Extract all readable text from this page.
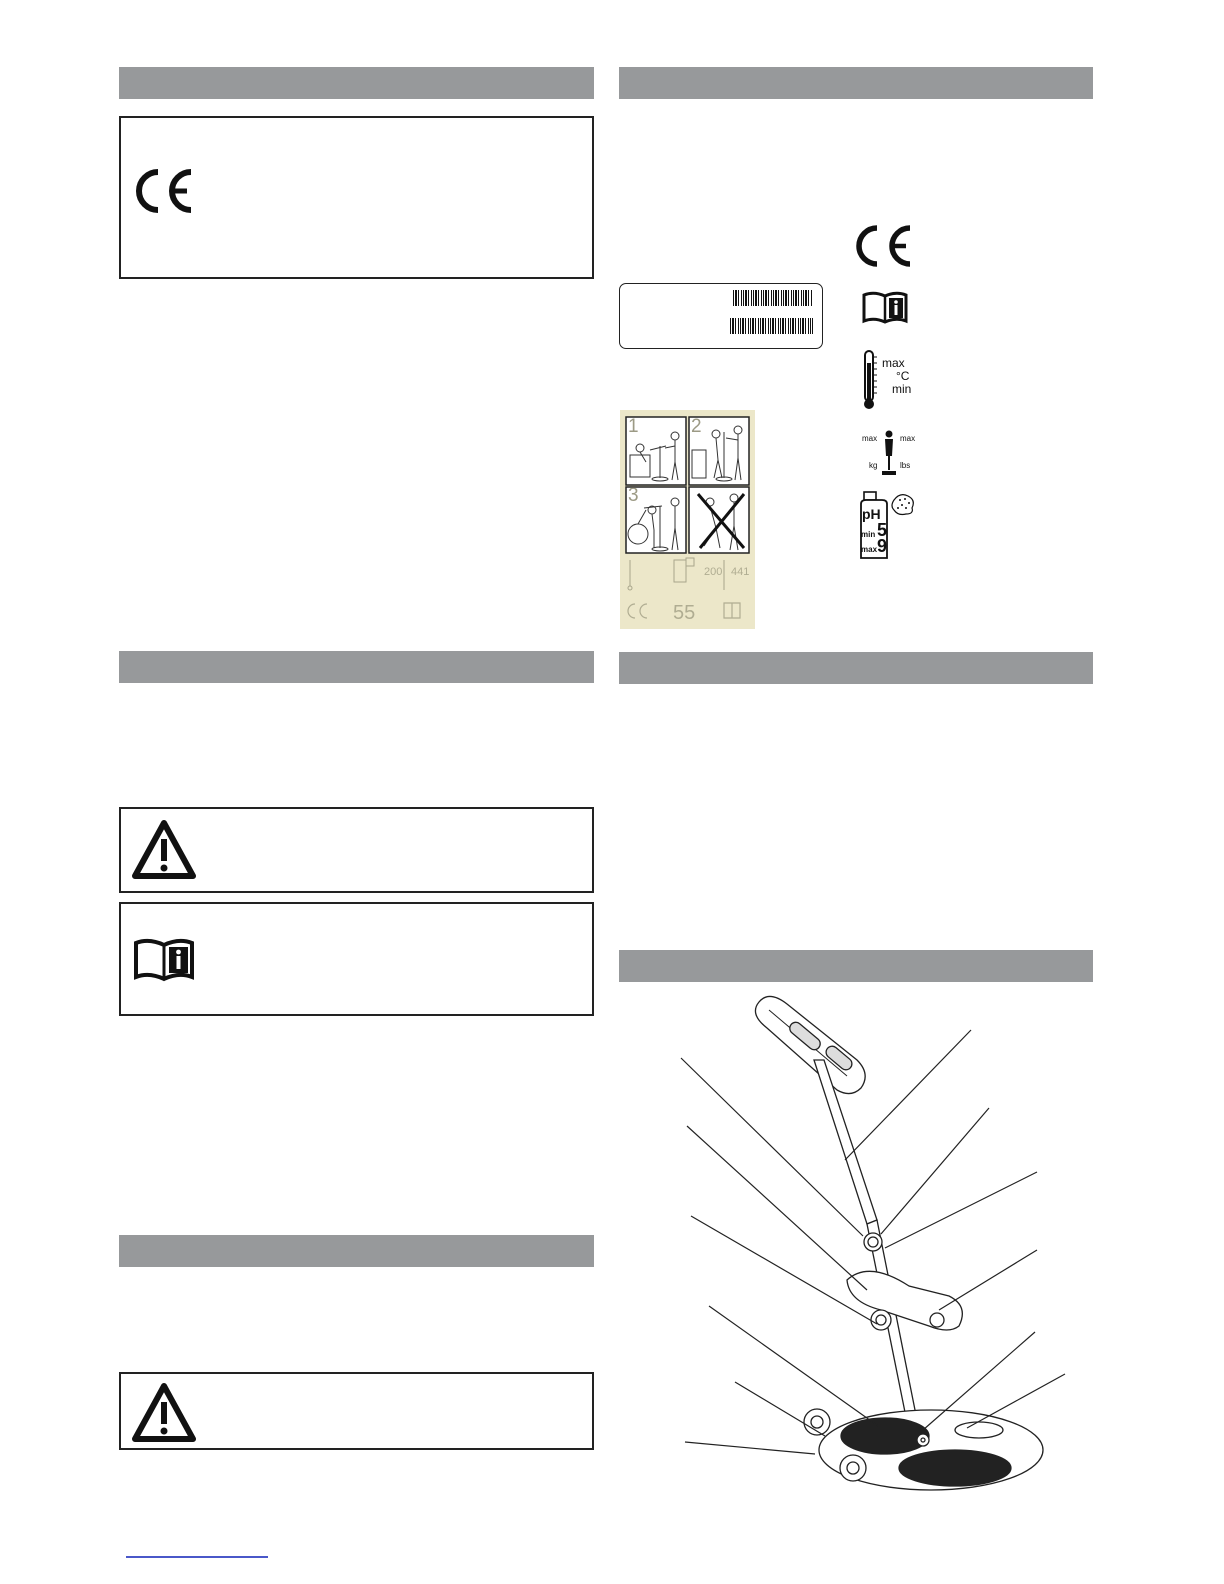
1	2
3
200 441
55
max
°C
min
max	max
kg	lbs
pH
min 5
max 9
